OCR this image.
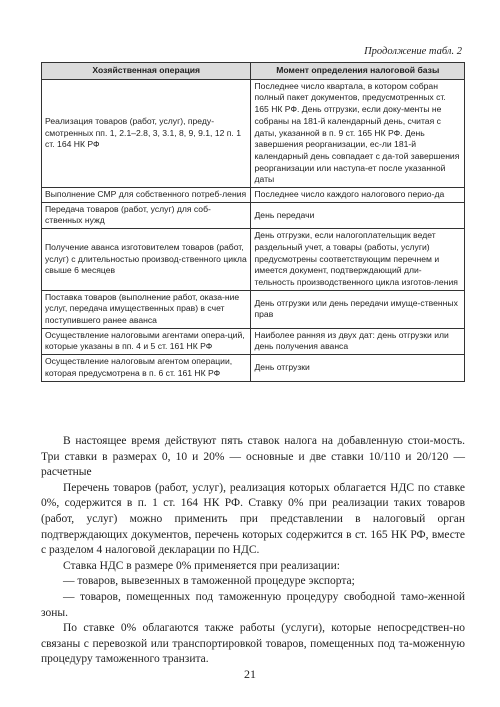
Продолжение табл. 2
Хозяйственная операция	Момент определения налоговой базы
Реализация товаров (работ, услуг), преду-смотренных пп. 1, 2.1–2.8, 3, 3.1, 8, 9, 9.1, 12 п. 1 ст. 164 НК РФ	Последнее число квартала, в котором собран полный пакет документов, предусмотренных ст. 165 НК РФ. День отгрузки, если доку-менты не собраны на 181-й календарный день, считая с даты, указанной в п. 9 ст. 165 НК РФ. День завершения реорганизации, ес-ли 181-й календарный день совпадает с да-той завершения реорганизации или наступа-ет после указанной даты
Выполнение СМР для собственного потреб-ления	Последнее число каждого налогового перио-да
Передача товаров (работ, услуг) для соб-ственных нужд	День передачи
Получение аванса изготовителем товаров (работ, услуг) с длительностью производ-ственного цикла свыше 6 месяцев	День отгрузки, если налогоплательщик ведет раздельный учет, а товары (работы, услуги) предусмотрены соответствующим перечнем и имеется документ, подтверждающий дли-тельность производственного цикла изготов-ления
Поставка товаров (выполнение работ, оказа-ние услуг, передача имущественных прав) в счет поступившего ранее аванса	День отгрузки или день передачи имуще-ственных прав
Осуществление налоговыми агентами опера-ций, которые указаны в пп. 4 и 5 ст. 161 НК РФ	Наиболее ранняя из двух дат: день отгрузки или день получения аванса
Осуществление налоговым агентом операции, которая предусмотрена в п. 6 ст. 161 НК РФ	День отгрузки

В настоящее время действуют пять ставок налога на добавленную стои-мость. Три ставки в размерах 0, 10 и 20% — основные и две ставки 10/110 и 20/120 — расчетные

Перечень товаров (работ, услуг), реализация которых облагается НДС по ставке 0%, содержится в п. 1 ст. 164 НК РФ. Ставку 0% при реализации таких товаров (работ, услуг) можно применить при представлении в налоговый орган подтверждающих документов, перечень которых содержится в ст. 165 НК РФ, вместе с разделом 4 налоговой декларации по НДС.

Ставка НДС в размере 0% применяется при реализации:

— товаров, вывезенных в таможенной процедуре экспорта;

— товаров, помещенных под таможенную процедуру свободной тамо-женной зоны.

По ставке 0% облагаются также работы (услуги), которые непосредствен-но связаны с перевозкой или транспортировкой товаров, помещенных под та-моженную процедуру таможенного транзита.

21
